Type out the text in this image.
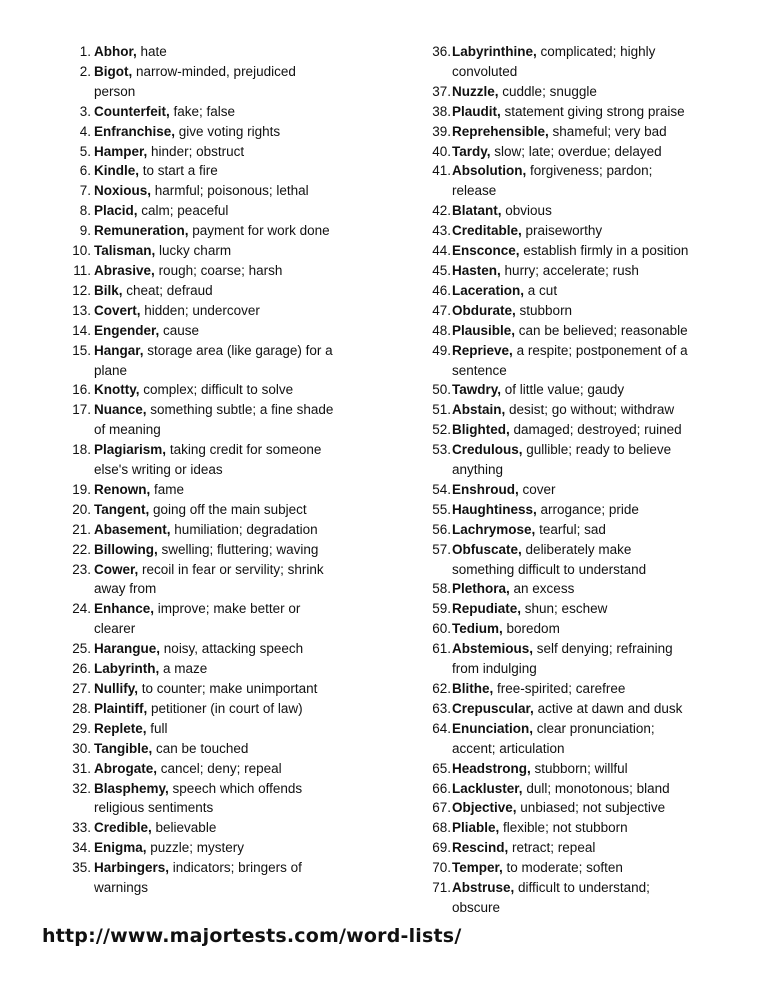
1. Abhor, hate
2. Bigot, narrow-minded, prejudiced
person
3. Counterfeit, fake; false
4. Enfranchise, give voting rights
5. Hamper, hinder; obstruct
6. Kindle, to start a fire
7. Noxious, harmful; poisonous; lethal
8. Placid, calm; peaceful
9. Remuneration, payment for work done
10. Talisman, lucky charm
11. Abrasive, rough; coarse; harsh
12. Bilk, cheat; defraud
13. Covert, hidden; undercover
14. Engender, cause
15. Hangar, storage area (like garage) for a
plane
16. Knotty, complex; difficult to solve
17. Nuance, something subtle; a fine shade
of meaning
18. Plagiarism, taking credit for someone
else's writing or ideas
19. Renown, fame
20. Tangent, going off the main subject
21. Abasement, humiliation; degradation
22. Billowing, swelling; fluttering; waving
23. Cower, recoil in fear or servility; shrink
away from
24. Enhance, improve; make better or
clearer
25. Harangue, noisy, attacking speech
26. Labyrinth, a maze
27. Nullify, to counter; make unimportant
28. Plaintiff, petitioner (in court of law)
29. Replete, full
30. Tangible, can be touched
31. Abrogate, cancel; deny; repeal
32. Blasphemy, speech which offends
religious sentiments
33. Credible, believable
34. Enigma, puzzle; mystery
35. Harbingers, indicators; bringers of
warnings
36. Labyrinthine, complicated; highly
convoluted
37. Nuzzle, cuddle; snuggle
38. Plaudit, statement giving strong praise
39. Reprehensible, shameful; very bad
40. Tardy, slow; late; overdue; delayed
41. Absolution, forgiveness; pardon;
release
42. Blatant, obvious
43. Creditable, praiseworthy
44. Ensconce, establish firmly in a position
45. Hasten, hurry; accelerate; rush
46. Laceration, a cut
47. Obdurate, stubborn
48. Plausible, can be believed; reasonable
49. Reprieve, a respite; postponement of a
sentence
50. Tawdry, of little value; gaudy
51. Abstain, desist; go without; withdraw
52. Blighted, damaged; destroyed; ruined
53. Credulous, gullible; ready to believe
anything
54. Enshroud, cover
55. Haughtiness, arrogance; pride
56. Lachrymose, tearful; sad
57. Obfuscate, deliberately make
something difficult to understand
58. Plethora, an excess
59. Repudiate, shun; eschew
60. Tedium, boredom
61. Abstemious, self denying; refraining
from indulging
62. Blithe, free-spirited; carefree
63. Crepuscular, active at dawn and dusk
64. Enunciation, clear pronunciation;
accent; articulation
65. Headstrong, stubborn; willful
66. Lackluster, dull; monotonous; bland
67. Objective, unbiased; not subjective
68. Pliable, flexible; not stubborn
69. Rescind, retract; repeal
70. Temper, to moderate; soften
71. Abstruse, difficult to understand;
obscure
http://www.majortests.com/word-lists/
